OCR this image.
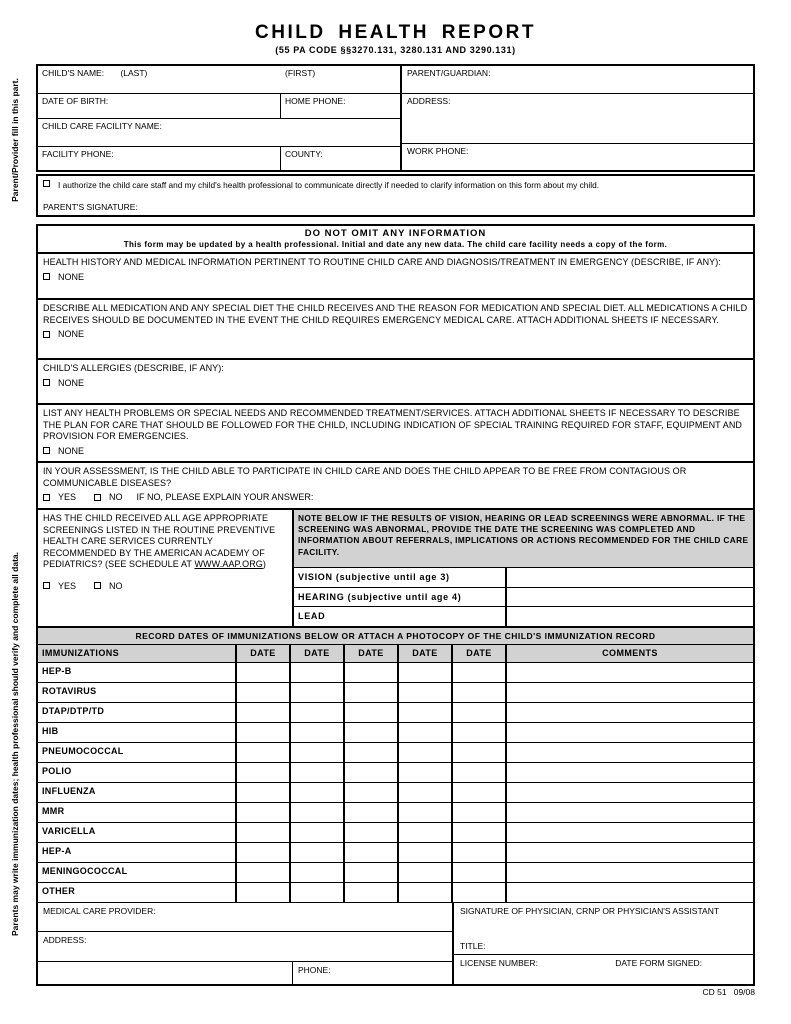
CHILD HEALTH REPORT
(55 PA CODE §§3270.131, 3280.131 AND 3290.131)
Parent/Provider fill in this part.
Parents may write immunization dates; health professional should verify and complete all data.
CHILD'S NAME: (LAST)	(FIRST)
DATE OF BIRTH:	HOME PHONE:
CHILD CARE FACILITY NAME:
FACILITY PHONE:	COUNTY:
PARENT/GUARDIAN:
ADDRESS:
WORK PHONE:
I authorize the child care staff and my child's health professional to communicate directly if needed to clarify information on this form about my child.
PARENT'S SIGNATURE:
DO NOT OMIT ANY INFORMATION
This form may be updated by a health professional. Initial and date any new data. The child care facility needs a copy of the form.
HEALTH HISTORY AND MEDICAL INFORMATION PERTINENT TO ROUTINE CHILD CARE AND DIAGNOSIS/TREATMENT IN EMERGENCY (DESCRIBE, IF ANY):
NONE
DESCRIBE ALL MEDICATION AND ANY SPECIAL DIET THE CHILD RECEIVES AND THE REASON FOR MEDICATION AND SPECIAL DIET. ALL MEDICATIONS A CHILD RECEIVES SHOULD BE DOCUMENTED IN THE EVENT THE CHILD REQUIRES EMERGENCY MEDICAL CARE. ATTACH ADDITIONAL SHEETS IF NECESSARY.
NONE
CHILD'S ALLERGIES (DESCRIBE, IF ANY):
NONE
LIST ANY HEALTH PROBLEMS OR SPECIAL NEEDS AND RECOMMENDED TREATMENT/SERVICES. ATTACH ADDITIONAL SHEETS IF NECESSARY TO DESCRIBE THE PLAN FOR CARE THAT SHOULD BE FOLLOWED FOR THE CHILD, INCLUDING INDICATION OF SPECIAL TRAINING REQUIRED FOR STAFF, EQUIPMENT AND PROVISION FOR EMERGENCIES.
NONE
IN YOUR ASSESSMENT, IS THE CHILD ABLE TO PARTICIPATE IN CHILD CARE AND DOES THE CHILD APPEAR TO BE FREE FROM CONTAGIOUS OR COMMUNICABLE DISEASES?
YES	NO IF NO, PLEASE EXPLAIN YOUR ANSWER:
HAS THE CHILD RECEIVED ALL AGE APPROPRIATE SCREENINGS LISTED IN THE ROUTINE PREVENTIVE HEALTH CARE SERVICES CURRENTLY RECOMMENDED BY THE AMERICAN ACADEMY OF PEDIATRICS? (SEE SCHEDULE AT WWW.AAP.ORG)
YES	NO
NOTE BELOW IF THE RESULTS OF VISION, HEARING OR LEAD SCREENINGS WERE ABNORMAL. IF THE SCREENING WAS ABNORMAL, PROVIDE THE DATE THE SCREENING WAS COMPLETED AND INFORMATION ABOUT REFERRALS, IMPLICATIONS OR ACTIONS RECOMMENDED FOR THE CHILD CARE FACILITY.
VISION (subjective until age 3)
HEARING (subjective until age 4)
LEAD
RECORD DATES OF IMMUNIZATIONS BELOW OR ATTACH A PHOTOCOPY OF THE CHILD'S IMMUNIZATION RECORD
IMMUNIZATIONS	DATE	DATE	DATE	DATE	DATE	COMMENTS
HEP-B
ROTAVIRUS
DTAP/DTP/TD
HIB
PNEUMOCOCCAL
POLIO
INFLUENZA
MMR
VARICELLA
HEP-A
MENINGOCOCCAL
OTHER
MEDICAL CARE PROVIDER:
ADDRESS:
PHONE:
SIGNATURE OF PHYSICIAN, CRNP OR PHYSICIAN'S ASSISTANT
TITLE:
LICENSE NUMBER:	DATE FORM SIGNED:
CD 51   09/08
